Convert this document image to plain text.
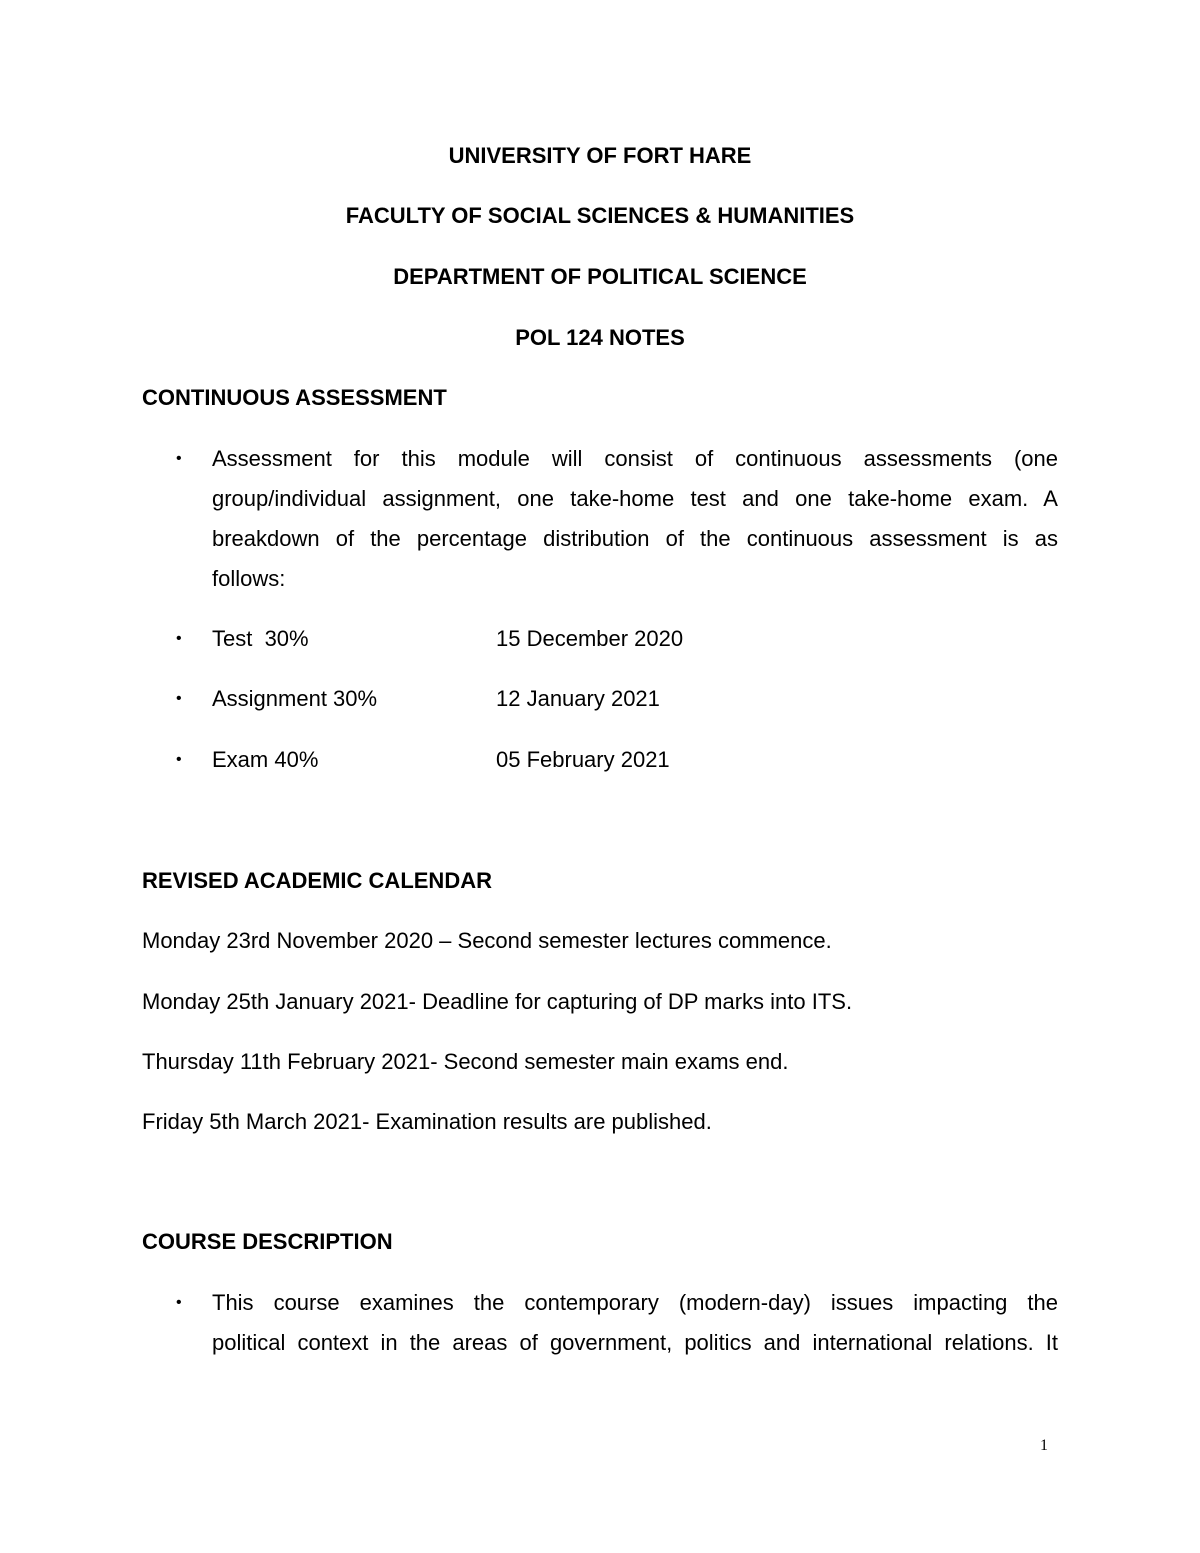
UNIVERSITY OF FORT HARE
FACULTY OF SOCIAL SCIENCES & HUMANITIES
DEPARTMENT OF POLITICAL SCIENCE
POL 124 NOTES
CONTINUOUS ASSESSMENT
• Assessment for this module will consist of continuous assessments (one
group/individual assignment, one take-home test and one take-home exam. A
breakdown of the percentage distribution of the continuous assessment is as
follows:
• Test  30%	15 December 2020
• Assignment 30%	12 January 2021
• Exam 40%	05 February 2021
REVISED ACADEMIC CALENDAR
Monday 23rd November 2020 – Second semester lectures commence.
Monday 25th January 2021- Deadline for capturing of DP marks into ITS.
Thursday 11th February 2021- Second semester main exams end.
Friday 5th March 2021- Examination results are published.
COURSE DESCRIPTION
• This course examines the contemporary (modern-day) issues impacting the
political context in the areas of government, politics and international relations. It
1
